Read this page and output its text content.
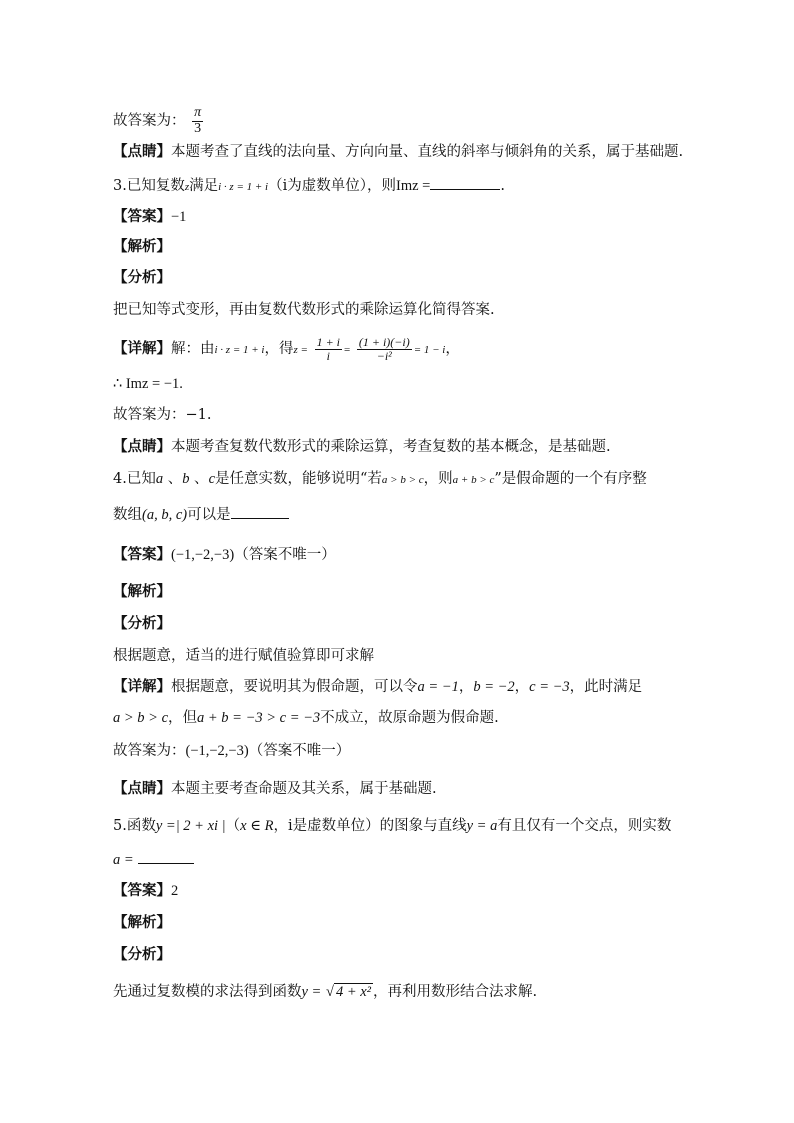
故答案为： $\frac{\pi}{3}$
【点睛】本题考查了直线的法向量、方向向量、直线的斜率与倾斜角的关系，属于基础题.
3.已知复数z满足i · z = 1 + i（i为虚数单位），则Imz =	.
【答案】−1
【解析】
【分析】
把已知等式变形，再由复数代数形式的乘除运算化简得答案.
【详解】解：由i · z = 1 + i，得$z = \frac{1 + i}{i} = \frac{(1 + i)(-i)}{\text{−i²}} = 1 - i$，
∴ Imz = −1.
故答案为：−1.
【点睛】本题考查复数代数形式的乘除运算，考查复数的基本概念，是基础题.
4.已知a 、b 、c是任意实数，能够说明“若a > b > c，则a + b > c”是假命题的一个有序整
数组(a, b, c)可以是
【答案】(−1,−2,−3)（答案不唯一）
【解析】
【分析】
根据题意，适当的进行赋值验算即可求解
【详解】根据题意，要说明其为假命题，可以令a = −1，b = −2，c = −3，此时满足
a > b > c，但a + b = −3 > c = −3不成立，故原命题为假命题.
故答案为：(−1,−2,−3)（答案不唯一）
【点睛】本题主要考查命题及其关系，属于基础题.
5.函数y =| 2 + xi |（x ∈ R，i是虚数单位）的图象与直线y = a有且仅有一个交点，则实数
a =
【答案】2
【解析】
【分析】
先通过复数模的求法得到函数y = √ 4 + x² ，再利用数形结合法求解.
